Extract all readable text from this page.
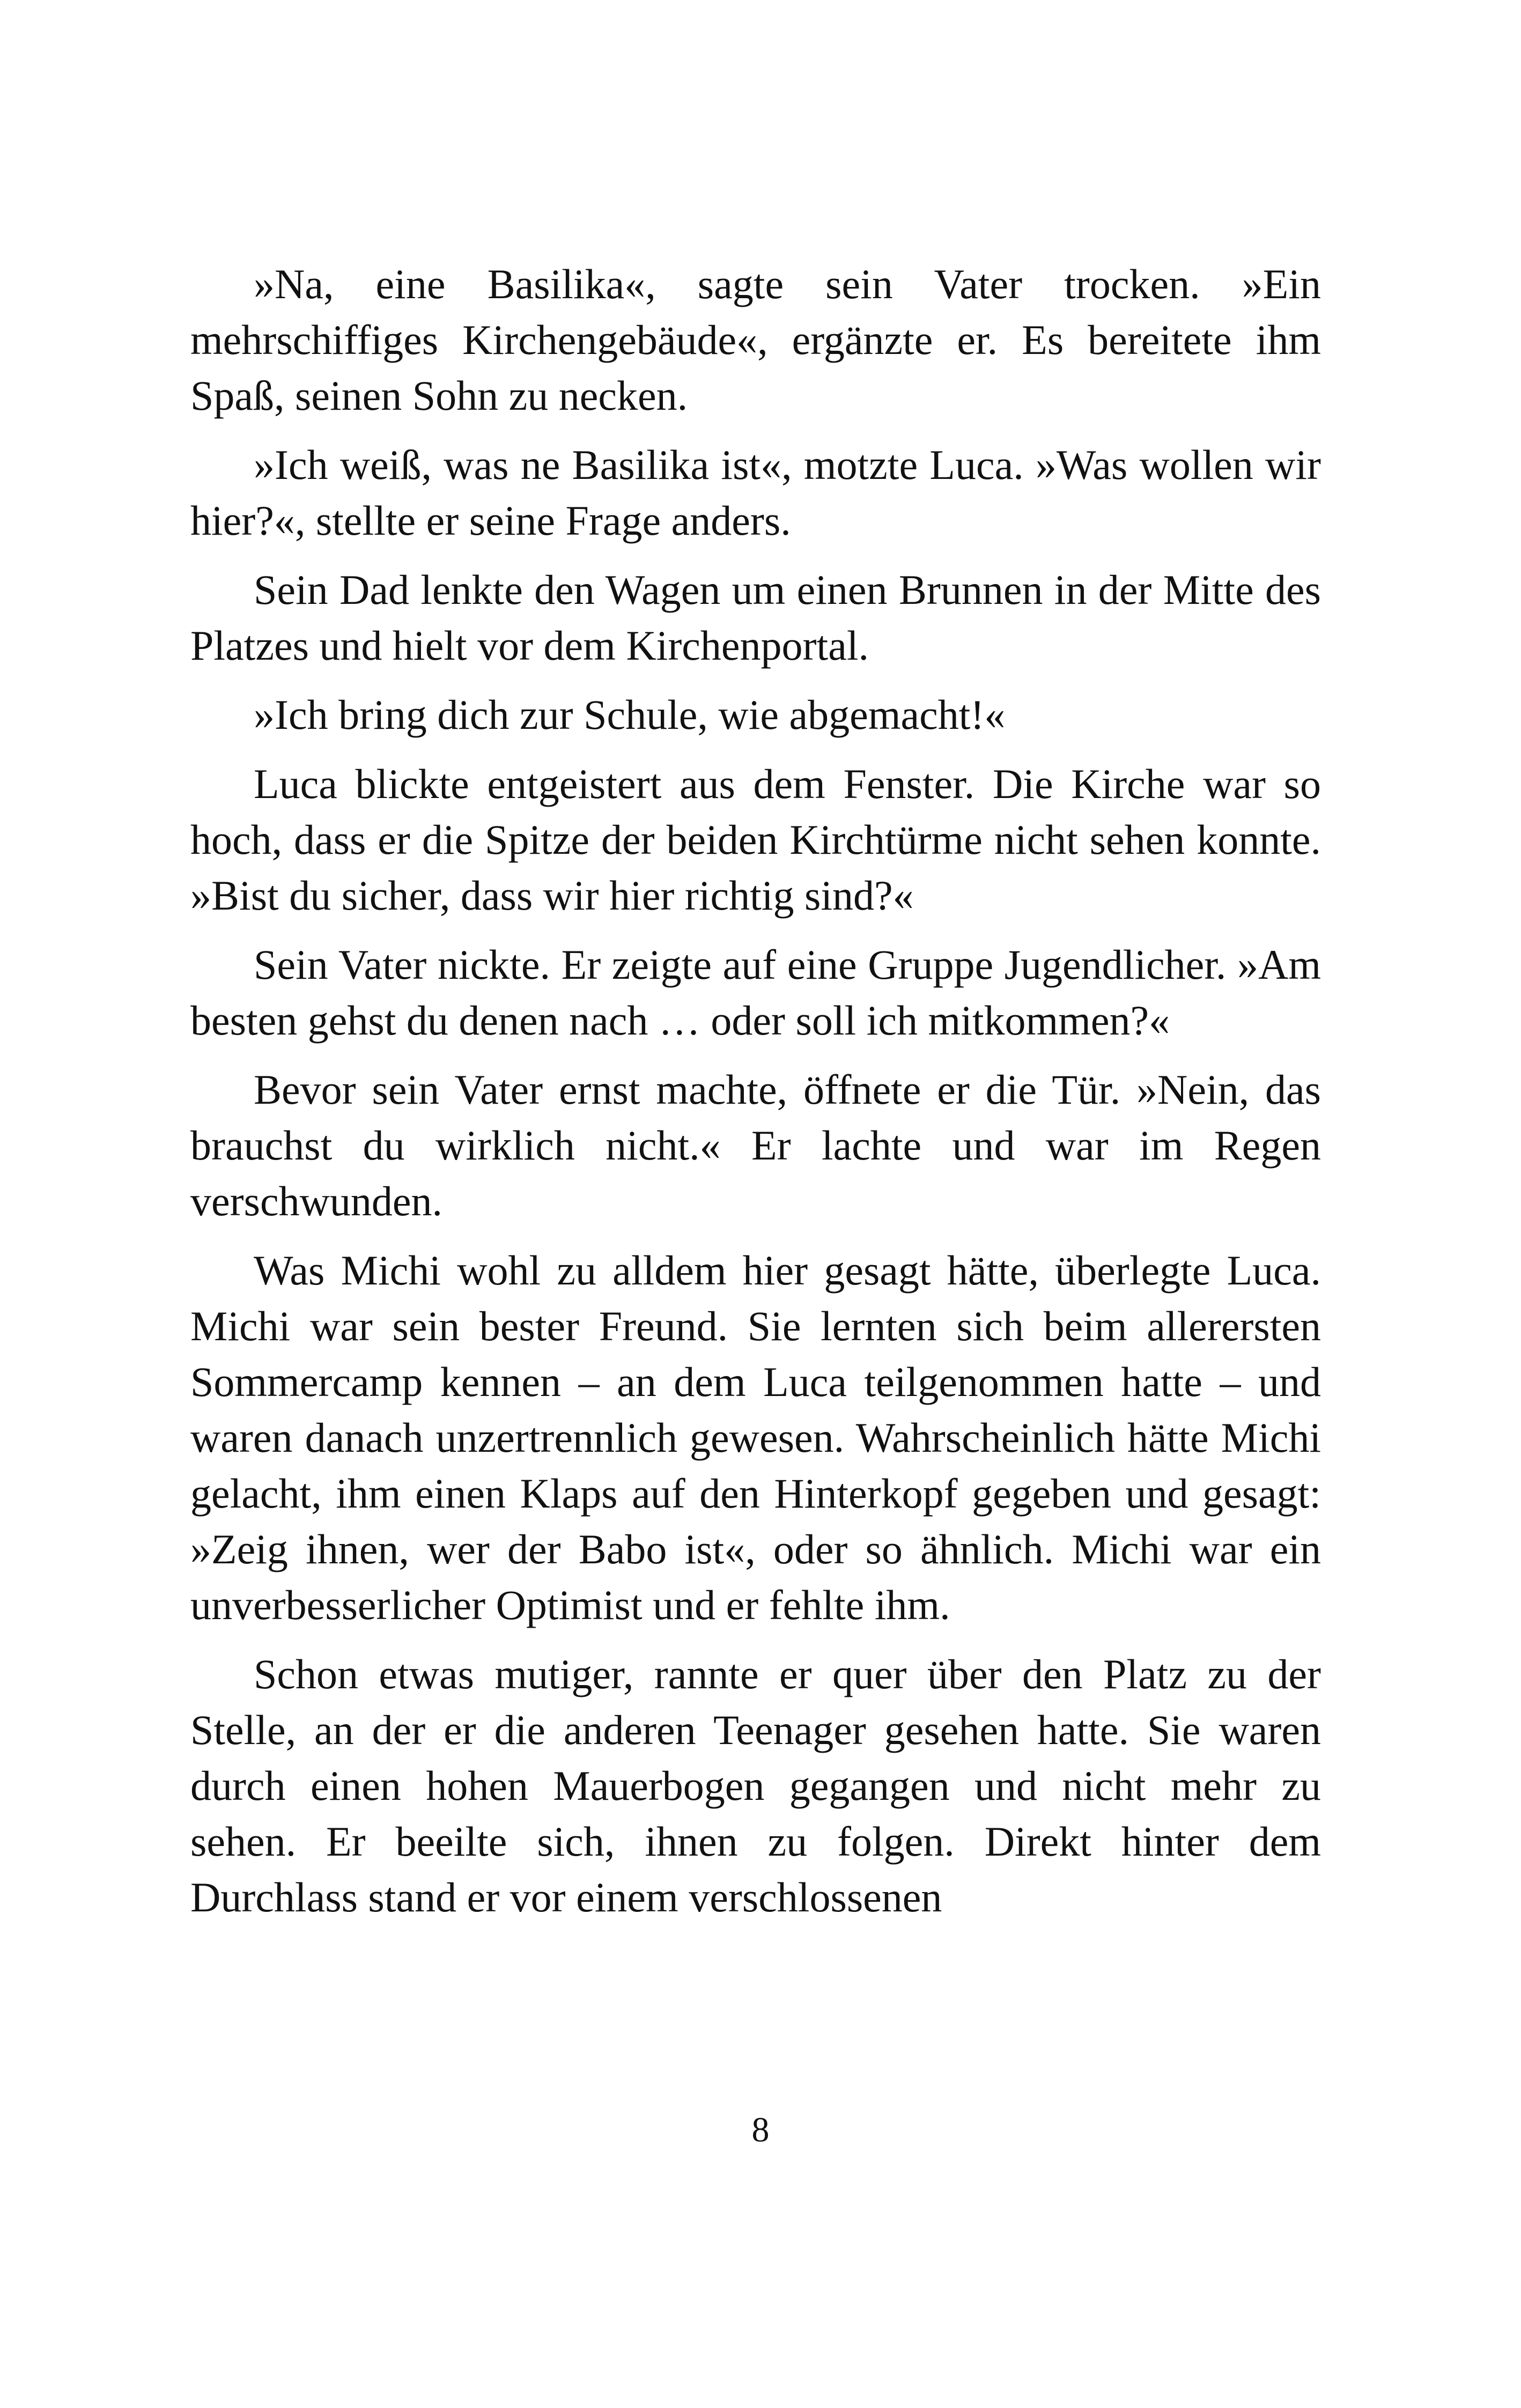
»Na, eine Basilika«, sagte sein Vater trocken. »Ein mehrschiffiges Kirchengebäude«, ergänzte er. Es bereitete ihm Spaß, seinen Sohn zu necken.

»Ich weiß, was ne Basilika ist«, motzte Luca. »Was wollen wir hier?«, stellte er seine Frage anders.

Sein Dad lenkte den Wagen um einen Brunnen in der Mitte des Platzes und hielt vor dem Kirchenportal.

»Ich bring dich zur Schule, wie abgemacht!«

Luca blickte entgeistert aus dem Fenster. Die Kirche war so hoch, dass er die Spitze der beiden Kirchtürme nicht sehen konnte. »Bist du sicher, dass wir hier richtig sind?«

Sein Vater nickte. Er zeigte auf eine Gruppe Jugendlicher. »Am besten gehst du denen nach … oder soll ich mitkommen?«

Bevor sein Vater ernst machte, öffnete er die Tür. »Nein, das brauchst du wirklich nicht.« Er lachte und war im Regen verschwunden.

Was Michi wohl zu alldem hier gesagt hätte, überlegte Luca. Michi war sein bester Freund. Sie lernten sich beim allerersten Sommercamp kennen – an dem Luca teilgenommen hatte – und waren danach unzertrennlich gewesen. Wahrscheinlich hätte Michi gelacht, ihm einen Klaps auf den Hinterkopf gegeben und gesagt: »Zeig ihnen, wer der Babo ist«, oder so ähnlich. Michi war ein unverbesserlicher Optimist und er fehlte ihm.

Schon etwas mutiger, rannte er quer über den Platz zu der Stelle, an der er die anderen Teenager gesehen hatte. Sie waren durch einen hohen Mauerbogen gegangen und nicht mehr zu sehen. Er beeilte sich, ihnen zu folgen. Direkt hinter dem Durchlass stand er vor einem verschlossenen

8
